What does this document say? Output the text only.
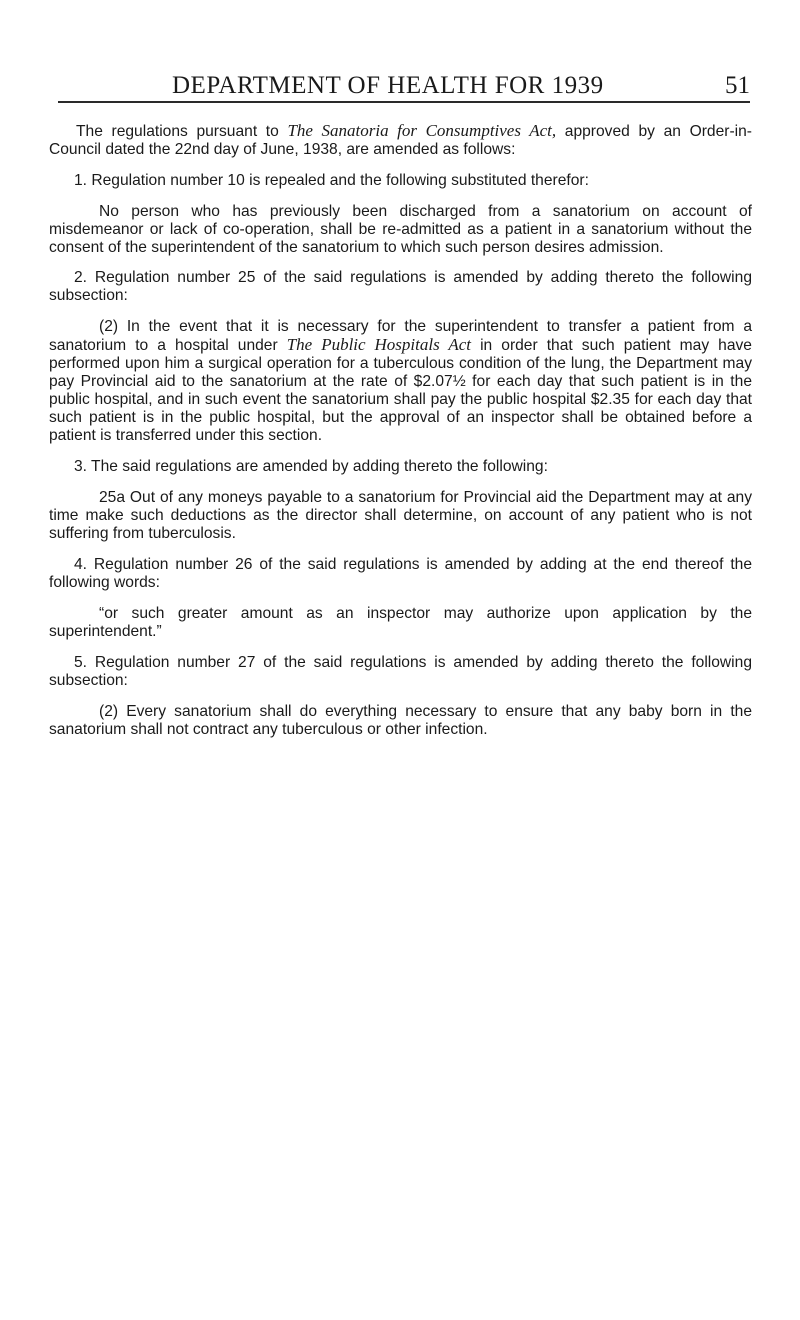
DEPARTMENT OF HEALTH FOR 1939	51

The regulations pursuant to The Sanatoria for Consumptives Act, approved by an Order-in-Council dated the 22nd day of June, 1938, are amended as follows:

1. Regulation number 10 is repealed and the following substituted therefor:

No person who has previously been discharged from a sanatorium on account of misdemeanor or lack of co-operation, shall be re-admitted as a patient in a sanatorium without the consent of the superintendent of the sanatorium to which such person desires admission.

2. Regulation number 25 of the said regulations is amended by adding thereto the following subsection:

(2) In the event that it is necessary for the superintendent to transfer a patient from a sanatorium to a hospital under The Public Hospitals Act in order that such patient may have performed upon him a surgical operation for a tuberculous condition of the lung, the Department may pay Provincial aid to the sanatorium at the rate of $2.07½ for each day that such patient is in the public hospital, and in such event the sanatorium shall pay the public hospital $2.35 for each day that such patient is in the public hospital, but the approval of an inspector shall be obtained before a patient is transferred under this section.

3. The said regulations are amended by adding thereto the following:

25a Out of any moneys payable to a sanatorium for Provincial aid the Department may at any time make such deductions as the director shall determine, on account of any patient who is not suffering from tuberculosis.

4. Regulation number 26 of the said regulations is amended by adding at the end thereof the following words:

“or such greater amount as an inspector may authorize upon application by the superintendent.”

5. Regulation number 27 of the said regulations is amended by adding thereto the following subsection:

(2) Every sanatorium shall do everything necessary to ensure that any baby born in the sanatorium shall not contract any tuberculous or other infection.
